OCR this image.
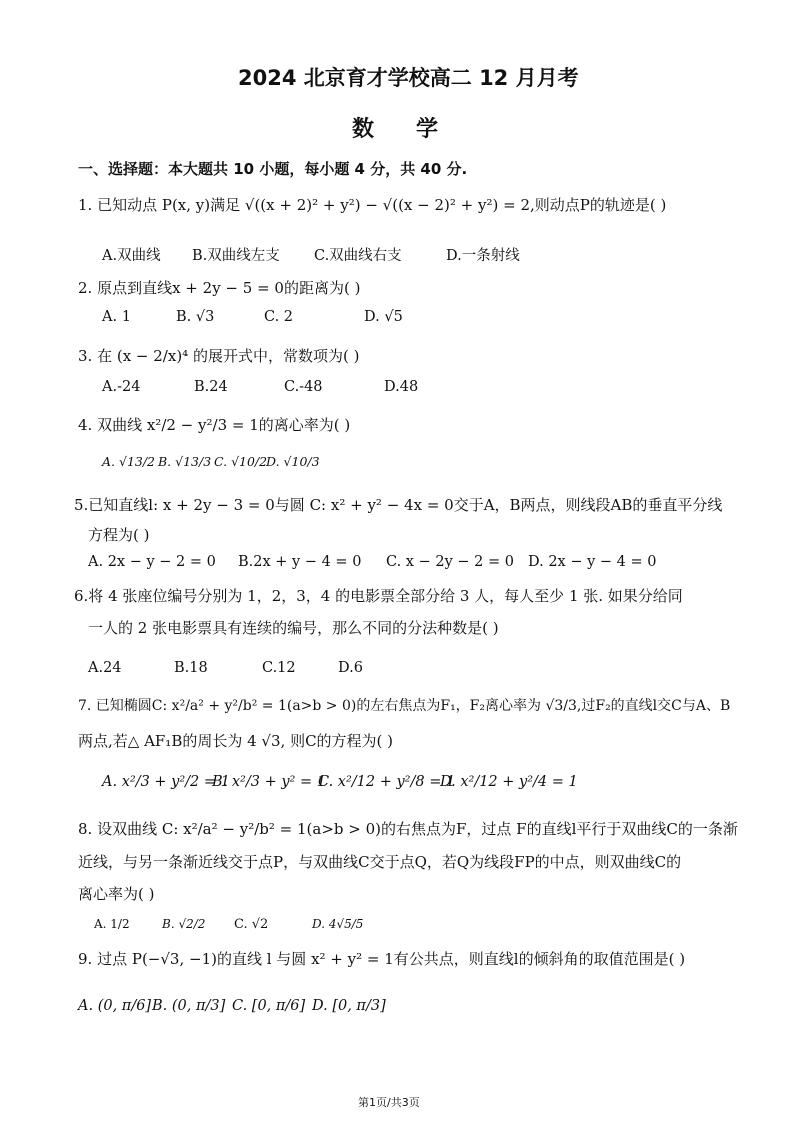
2024 北京育才学校高二 12 月月考
数学
一、选择题：本大题共 10 小题，每小题 4 分，共 40 分.
1. 已知动点 P(x, y)满足 √((x + 2)² + y²) − √((x − 2)² + y²) = 2,则动点P的轨迹是( )
A.双曲线 B.双曲线左支 C.双曲线右支	D.一条射线
2. 原点到直线x + 2y − 5 = 0的距离为( )
A. 1	B. √3	C. 2	D. √5
3. 在 (x − 2/x)⁴ 的展开式中，常数项为( )
A.-24	B.24	C.-48	D.48
4. 双曲线 x²/2 − y²/3 = 1的离心率为( )
A. √13/2 B. √13/3 C. √10/2
D. √10/3
5.已知直线l: x + 2y − 3 = 0与圆 C: x² + y² − 4x = 0交于A，B两点，则线段AB的垂直平分线
方程为( )
A. 2x − y − 2 = 0 B.2x + y − 4 = 0 C. x − 2y − 2 = 0 D. 2x − y − 4 = 0
6.将 4 张座位编号分别为 1，2，3，4 的电影票全部分给 3 人，每人至少 1 张. 如果分给同
一人的 2 张电影票具有连续的编号，那么不同的分法种数是( )
A.24	B.18	C.12	D.6
7. 已知椭圆C: x²/a² + y²/b² = 1(a>b > 0)的左右焦点为F₁，F₂离心率为 √3/3,过F₂的直线l交C与A、B
两点,若△ AF₁B的周长为 4 √3, 则C的方程为( )
A. x²/3 + y²/2 = 1
B. x²/3 + y² = 1
C. x²/12 + y²/8 = 1
D. x²/12 + y²/4 = 1
8. 设双曲线 C: x²/a² − y²/b² = 1(a>b > 0)的右焦点为F，过点 F的直线l平行于双曲线C的一条渐
近线，与另一条渐近线交于点P，与双曲线C交于点Q，若Q为线段FP的中点，则双曲线C的
离心率为( )
A. 1/2	B. √2/2 C. √2	D. 4√5/5
9. 过点 P(−√3, −1)的直线 l 与圆 x² + y² = 1有公共点，则直线l的倾斜角的取值范围是( )
A. (0, π/6] B. (0, π/3] C. [0, π/6] D. [0, π/3]
第1页/共3页
